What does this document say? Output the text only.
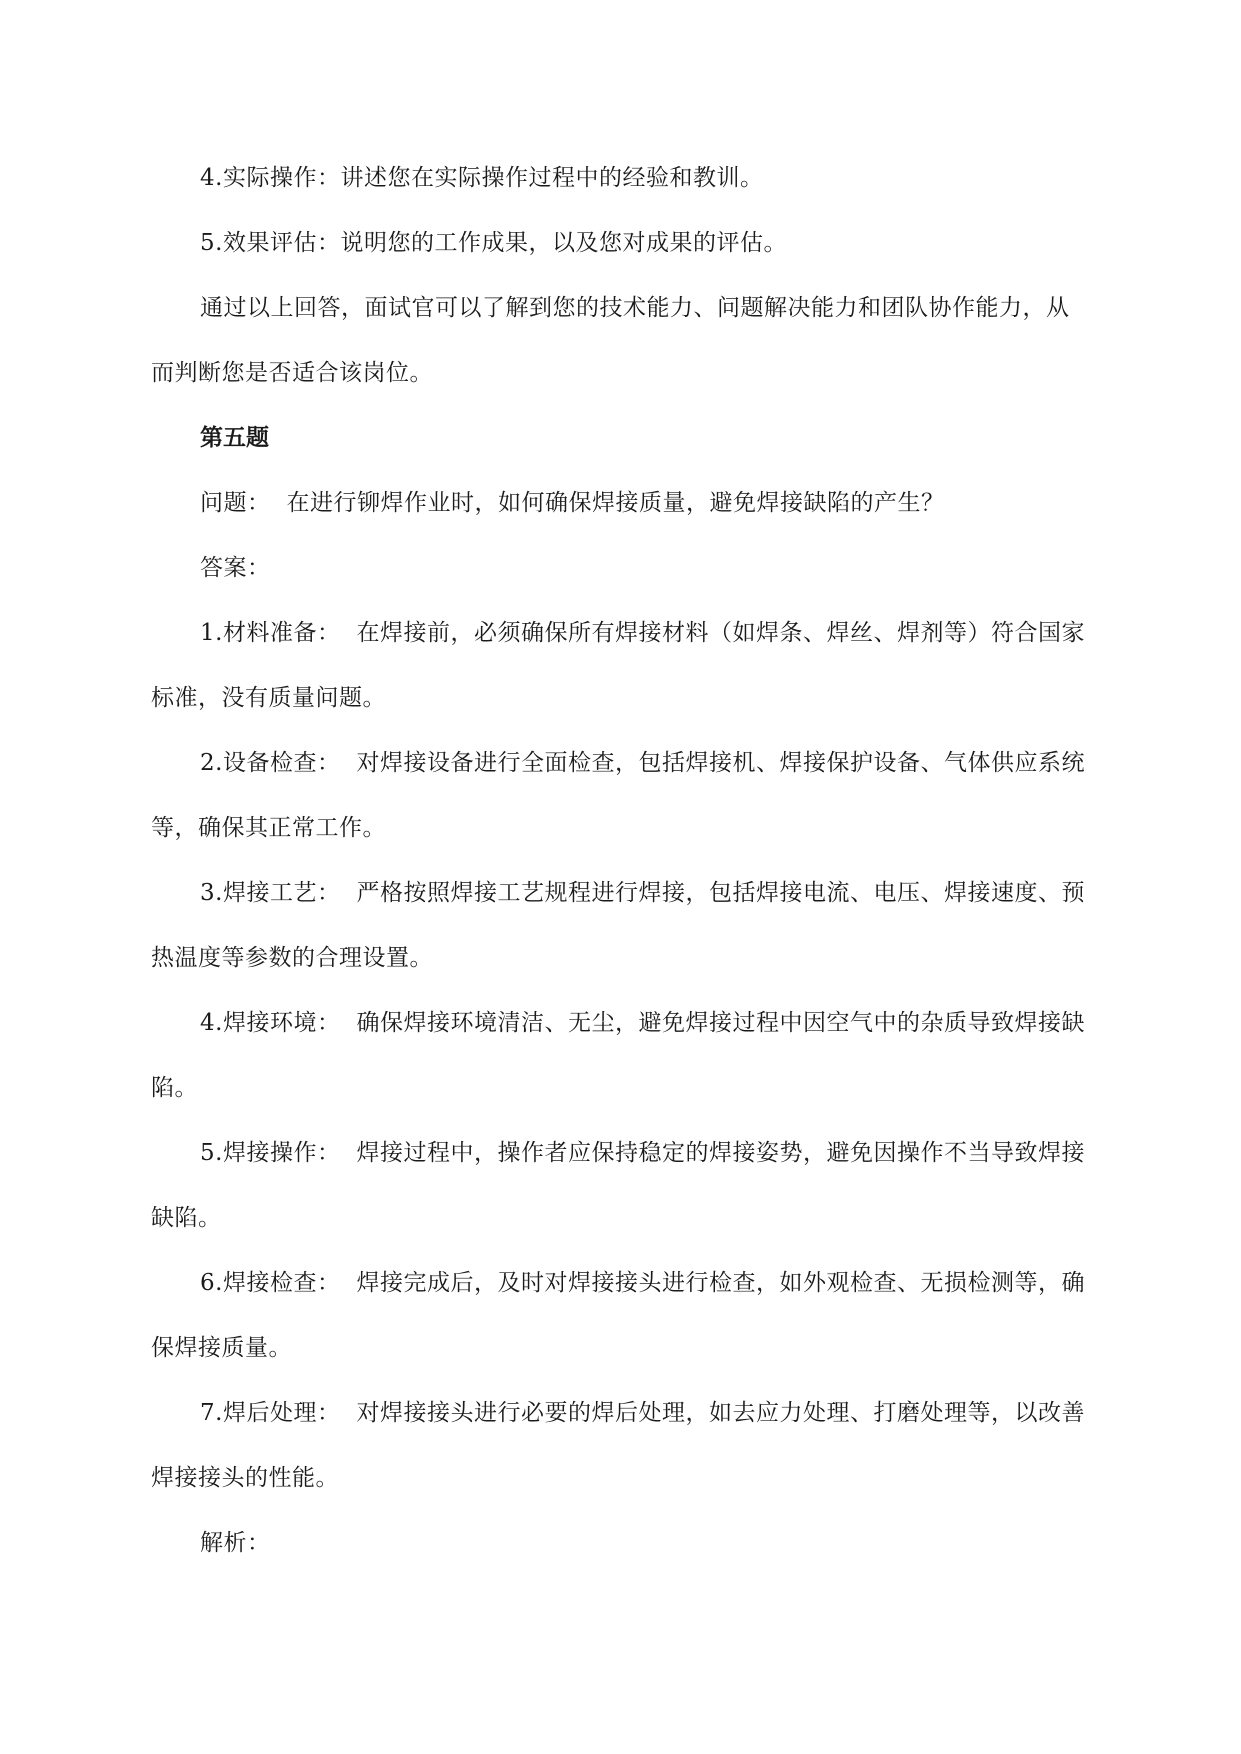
4.实际操作：讲述您在实际操作过程中的经验和教训。

5.效果评估：说明您的工作成果，以及您对成果的评估。

通过以上回答，面试官可以了解到您的技术能力、问题解决能力和团队协作能力，从而判断您是否适合该岗位。

第五题

问题： 在进行铆焊作业时，如何确保焊接质量，避免焊接缺陷的产生？

答案：

1.材料准备： 在焊接前，必须确保所有焊接材料（如焊条、焊丝、焊剂等）符合国家标准，没有质量问题。

2.设备检查： 对焊接设备进行全面检查，包括焊接机、焊接保护设备、气体供应系统等，确保其正常工作。

3.焊接工艺： 严格按照焊接工艺规程进行焊接，包括焊接电流、电压、焊接速度、预热温度等参数的合理设置。

4.焊接环境： 确保焊接环境清洁、无尘，避免焊接过程中因空气中的杂质导致焊接缺陷。

5.焊接操作： 焊接过程中，操作者应保持稳定的焊接姿势，避免因操作不当导致焊接缺陷。

6.焊接检查： 焊接完成后，及时对焊接接头进行检查，如外观检查、无损检测等，确保焊接质量。

7.焊后处理： 对焊接接头进行必要的焊后处理，如去应力处理、打磨处理等，以改善焊接接头的性能。

解析：
